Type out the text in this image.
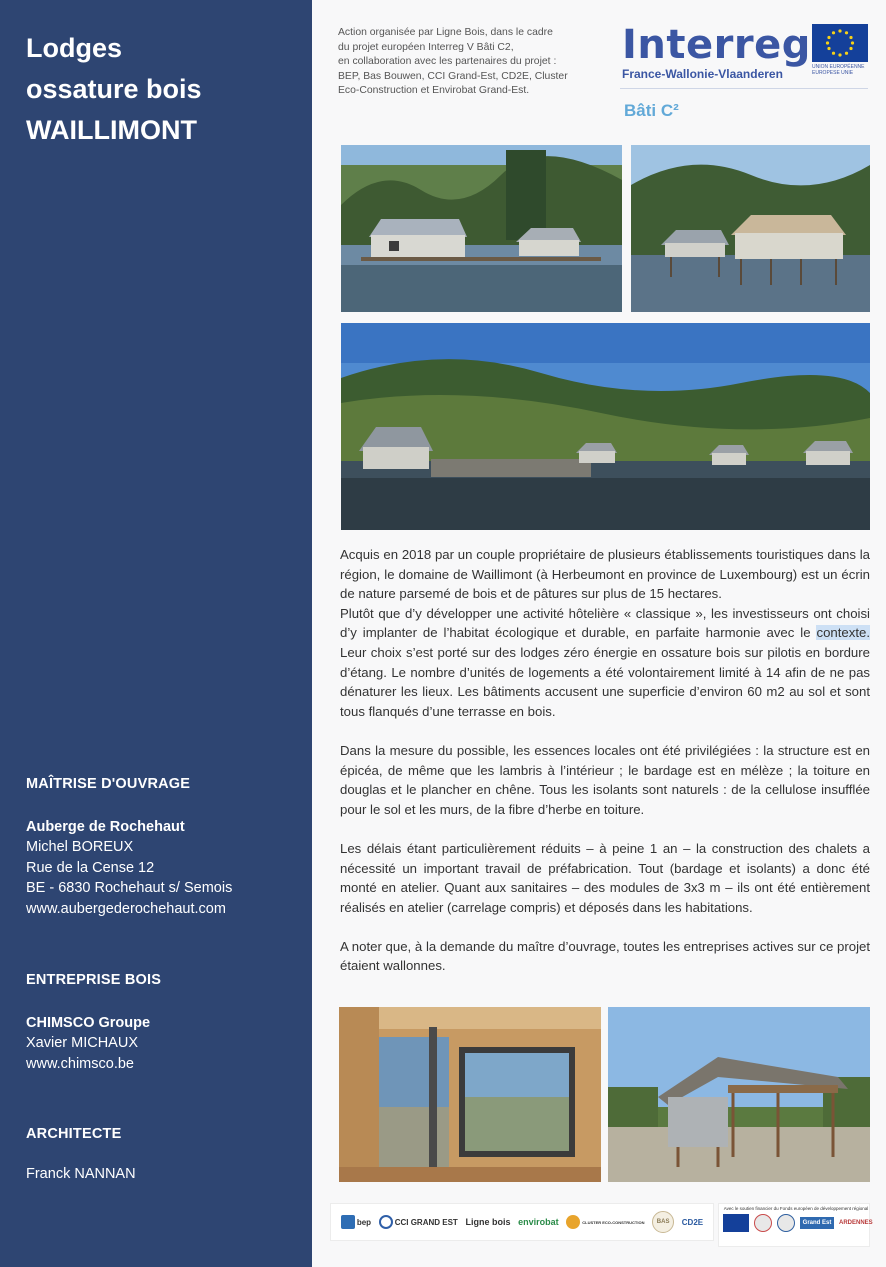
Lodges
ossature bois
WAILLIMONT
MAÎTRISE D'OUVRAGE
Auberge de Rochehaut
Michel BOREUX
Rue de la Cense 12
BE - 6830 Rochehaut s/ Semois
www.aubergederochehaut.com
ENTREPRISE BOIS
CHIMSCO Groupe
Xavier MICHAUX
www.chimsco.be
ARCHITECTE
Franck NANNAN
Action organisée par Ligne Bois, dans le cadre
du projet européen Interreg V Bâti C2,
en collaboration avec les partenaires du projet :
BEP, Bas Bouwen, CCI Grand-Est, CD2E, Cluster
Eco-Construction et Envirobat Grand-Est.
Interreg
France-Wallonie-Vlaanderen	UNION EUROPÉENNE EUROPESE UNIE
Bâti C²

Acquis en 2018 par un couple propriétaire de plusieurs établissements touristiques dans la région, le domaine de Waillimont (à Herbeumont en province de Luxembourg) est un écrin de nature parsemé de bois et de pâtures sur plus de 15 hectares.

Plutôt que d’y développer une activité hôtelière « classique », les investisseurs ont choisi d’y implanter de l’habitat écologique et durable, en parfaite harmonie avec le contexte. Leur choix s’est porté sur des lodges zéro énergie en ossature bois sur pilotis en bordure d’étang. Le nombre d’unités de logements a été volontairement limité à 14 afin de ne pas dénaturer les lieux. Les bâtiments accusent une superficie d’environ 60 m2 au sol et sont tous flanqués d’une terrasse en bois.

Dans la mesure du possible, les essences locales ont été privilégiées : la structure est en épicéa, de même que les lambris à l’intérieur ; le bardage est en mélèze ; la toiture en douglas et le plancher en chêne. Tous les isolants sont naturels : de la cellulose insufflée pour le sol et les murs, de la fibre d’herbe en toiture.

Les délais étant particulièrement réduits – à peine 1 an – la construction des chalets a nécessité un important travail de préfabrication. Tout (bardage et isolants) a donc été monté en atelier. Quant aux sanitaires – des modules de 3x3 m – ils ont été entièrement réalisés en atelier (carrelage compris) et déposés dans les habitations.

A noter que, à la demande du maître d’ouvrage, toutes les entreprises actives sur ce projet étaient wallonnes.

bep	CCI GRAND EST Ligne bois envirobat	CLUSTER ECO-CONSTRUCTION	BAS	CD2E
Avec le soutien financier du Fonds européen de développement régional
Grand Est	ARDENNES
